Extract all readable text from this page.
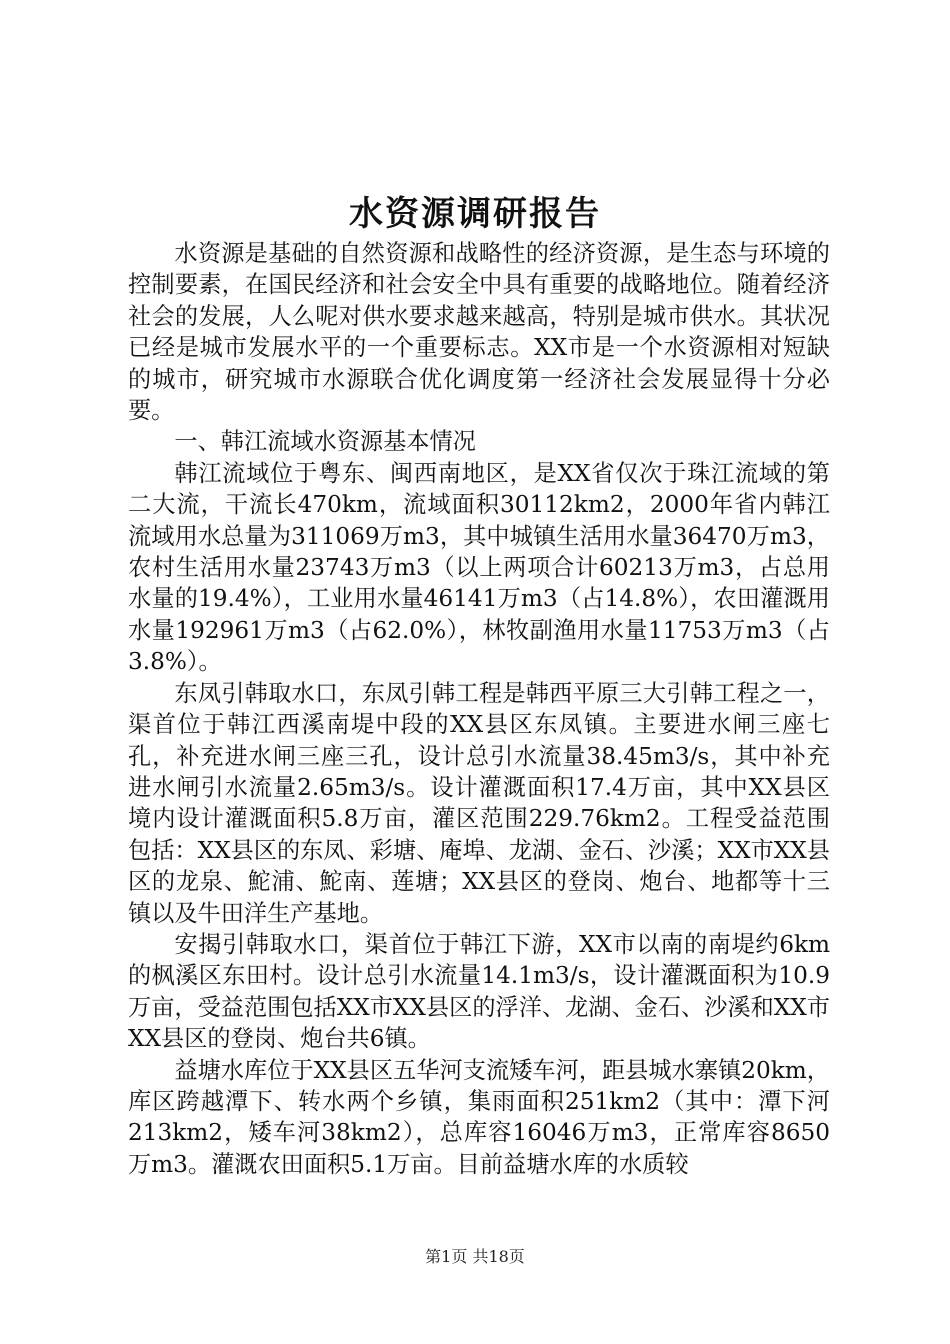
水资源调研报告

水资源是基础的自然资源和战略性的经济资源，是生态与环境的控制要素，在国民经济和社会安全中具有重要的战略地位。随着经济社会的发展，人么呢对供水要求越来越高，特别是城市供水。其状况已经是城市发展水平的一个重要标志。XX市是一个水资源相对短缺的城市，研究城市水源联合优化调度第一经济社会发展显得十分必要。

一、韩江流域水资源基本情况

韩江流域位于粤东、闽西南地区，是XX省仅次于珠江流域的第二大流，干流长470km，流域面积30112km2，2000年省内韩江流域用水总量为311069万m3，其中城镇生活用水量36470万m3，农村生活用水量23743万m3（以上两项合计60213万m3，占总用水量的19.4%），工业用水量46141万m3（占14.8%），农田灌溉用水量192961万m3（占62.0%），林牧副渔用水量11753万m3（占3.8%）。

东凤引韩取水口，东凤引韩工程是韩西平原三大引韩工程之一，渠首位于韩江西溪南堤中段的XX县区东凤镇。主要进水闸三座七孔，补充进水闸三座三孔，设计总引水流量38.45m3/s，其中补充进水闸引水流量2.65m3/s。设计灌溉面积17.4万亩，其中XX县区境内设计灌溉面积5.8万亩，灌区范围229.76km2。工程受益范围包括：XX县区的东凤、彩塘、庵埠、龙湖、金石、沙溪；XX市XX县区的龙泉、鮀浦、鮀南、莲塘；XX县区的登岗、炮台、地都等十三镇以及牛田洋生产基地。

安揭引韩取水口，渠首位于韩江下游，XX市以南的南堤约6km的枫溪区东田村。设计总引水流量14.1m3/s，设计灌溉面积为10.9万亩，受益范围包括XX市XX县区的浮洋、龙湖、金石、沙溪和XX市XX县区的登岗、炮台共6镇。

益塘水库位于XX县区五华河支流矮车河，距县城水寨镇20km，库区跨越潭下、转水两个乡镇，集雨面积251km2（其中：潭下河213km2，矮车河38km2），总库容16046万m3，正常库容8650万m3。灌溉农田面积5.1万亩。目前益塘水库的水质较

第1页 共18页
